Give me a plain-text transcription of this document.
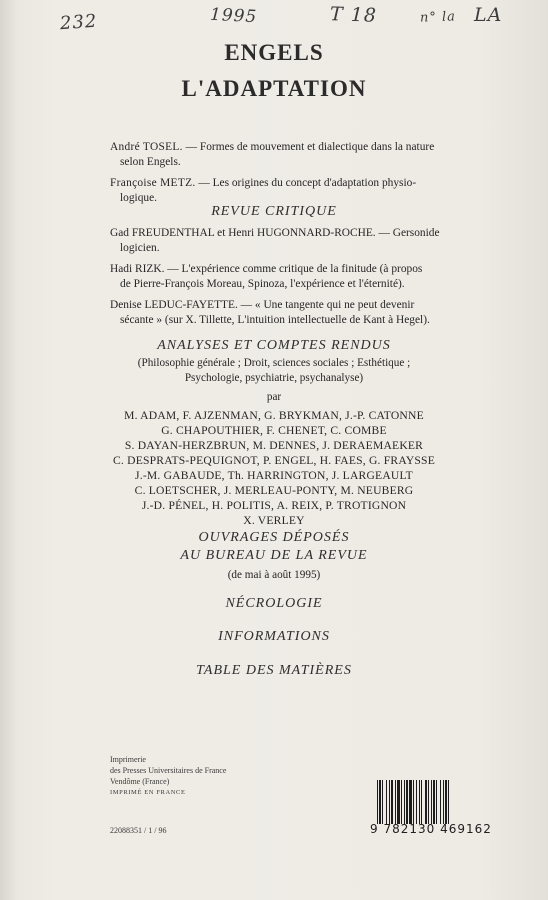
232	1995	T 18	n° la LA
ENGELS
L'ADAPTATION
André TOSEL. — Formes de mouvement et dialectique dans la nature
selon Engels.
Françoise METZ. — Les origines du concept d'adaptation physio-
logique.
REVUE CRITIQUE
Gad FREUDENTHAL et Henri HUGONNARD-ROCHE. — Gersonide
logicien.
Hadi RIZK. — L'expérience comme critique de la finitude (à propos
de Pierre-François Moreau, Spinoza, l'expérience et l'éternité).
Denise LEDUC-FAYETTE. — « Une tangente qui ne peut devenir
sécante » (sur X. Tillette, L'intuition intellectuelle de Kant à Hegel).
ANALYSES ET COMPTES RENDUS
(Philosophie générale ; Droit, sciences sociales ; Esthétique ;
Psychologie, psychiatrie, psychanalyse)
par
M. ADAM, F. AJZENMAN, G. BRYKMAN, J.-P. CATONNE
G. CHAPOUTHIER, F. CHENET, C. COMBE
S. DAYAN-HERZBRUN, M. DENNES, J. DERAEMAEKER
C. DESPRATS-PEQUIGNOT, P. ENGEL, H. FAES, G. FRAYSSE
J.-M. GABAUDE, Th. HARRINGTON, J. LARGEAULT
C. LOETSCHER, J. MERLEAU-PONTY, M. NEUBERG
J.-D. PÉNEL, H. POLITIS, A. REIX, P. TROTIGNON
X. VERLEY
OUVRAGES DÉPOSÉS
AU BUREAU DE LA REVUE
(de mai à août 1995)
NÉCROLOGIE
INFORMATIONS
TABLE DES MATIÈRES
Imprimerie
des Presses Universitaires de France
Vendôme (France)
IMPRIMÉ EN FRANCE
22088351 / 1 / 96	9 782130 469162
